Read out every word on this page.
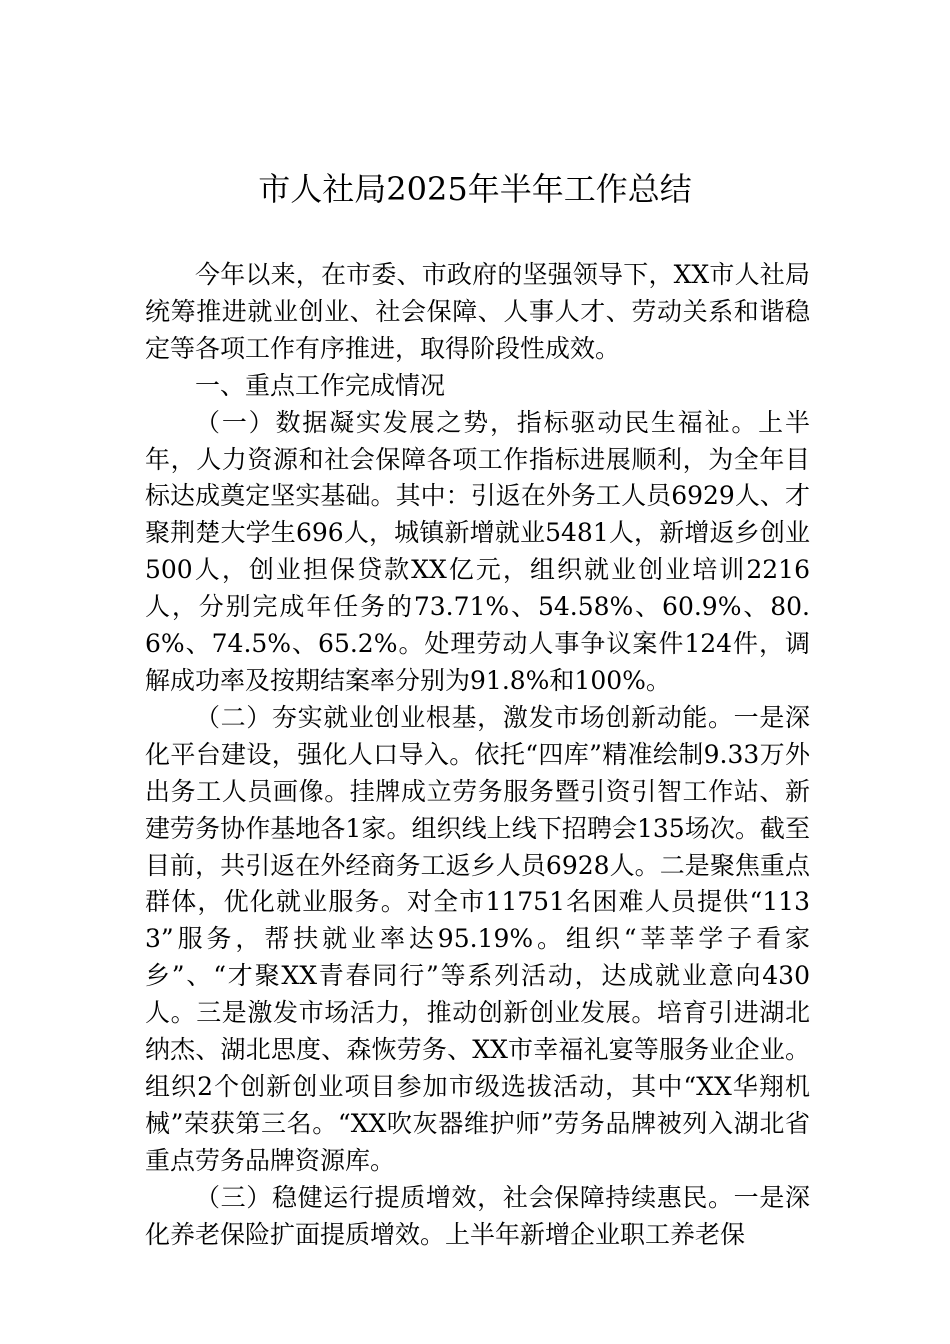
市人社局2025年半年工作总结

今年以来，在市委、市政府的坚强领导下，XX市人社局统筹推进就业创业、社会保障、人事人才、劳动关系和谐稳定等各项工作有序推进，取得阶段性成效。

一、重点工作完成情况

（一）数据凝实发展之势，指标驱动民生福祉。上半年，人力资源和社会保障各项工作指标进展顺利，为全年目标达成奠定坚实基础。其中：引返在外务工人员6929人、才聚荆楚大学生696人，城镇新增就业5481人，新增返乡创业500人，创业担保贷款XX亿元，组织就业创业培训2216人，分别完成年任务的73.71%、54.58%、60.9%、80.6%、74.5%、65.2%。处理劳动人事争议案件124件，调解成功率及按期结案率分别为91.8%和100%。

（二）夯实就业创业根基，激发市场创新动能。一是深化平台建设，强化人口导入。依托“四库”精准绘制9.33万外出务工人员画像。挂牌成立劳务服务暨引资引智工作站、新建劳务协作基地各1家。组织线上线下招聘会135场次。截至目前，共引返在外经商务工返乡人员6928人。二是聚焦重点群体，优化就业服务。对全市11751名困难人员提供“1133”服务，帮扶就业率达95.19%。组织“莘莘学子看家乡”、“才聚XX青春同行”等系列活动，达成就业意向430人。三是激发市场活力，推动创新创业发展。培育引进湖北纳杰、湖北思度、森恢劳务、XX市幸福礼宴等服务业企业。组织2个创新创业项目参加市级选拔活动，其中“XX华翔机械”荣获第三名。“XX吹灰器维护师”劳务品牌被列入湖北省重点劳务品牌资源库。

（三）稳健运行提质增效，社会保障持续惠民。一是深化养老保险扩面提质增效。上半年新增企业职工养老保
